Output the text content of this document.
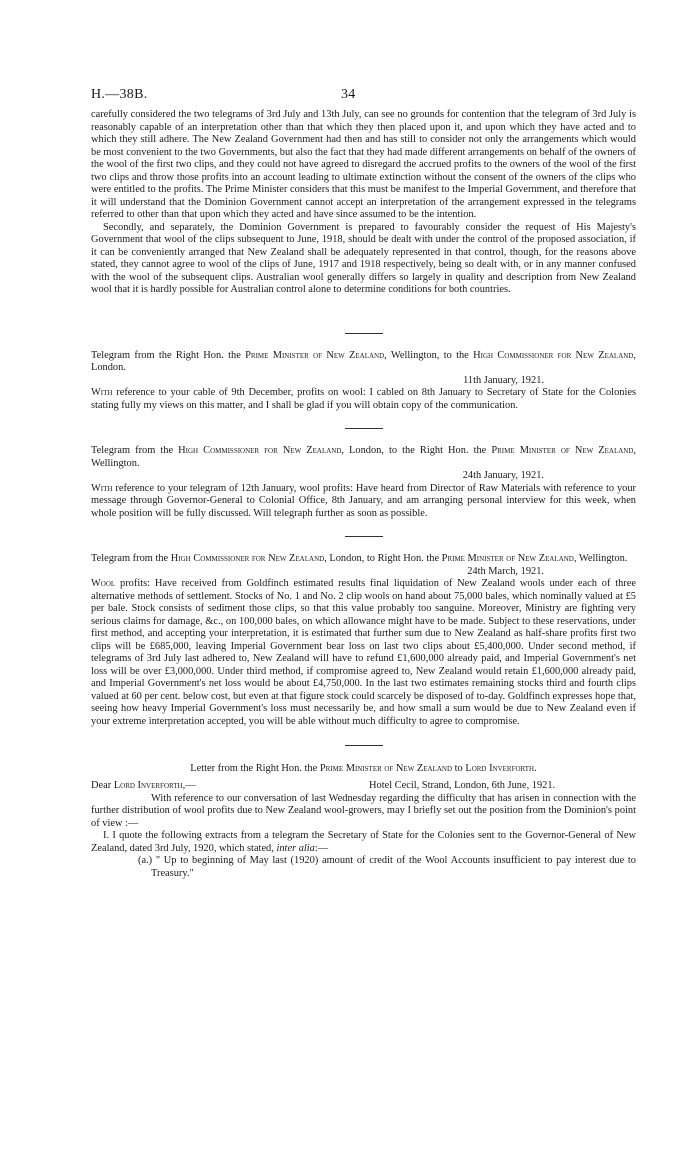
H.—38B.	34

carefully considered the two telegrams of 3rd July and 13th July, can see no grounds for contention that the telegram of 3rd July is reasonably capable of an interpretation other than that which they then placed upon it, and upon which they have acted and to which they still adhere. The New Zealand Government had then and has still to consider not only the arrangements which would be most convenient to the two Governments, but also the fact that they had made different arrangements on behalf of the owners of the wool of the first two clips, and they could not have agreed to disregard the accrued profits to the owners of the wool of the first two clips and throw those profits into an account leading to ultimate extinction without the consent of the owners of the clips who were entitled to the profits. The Prime Minister considers that this must be manifest to the Imperial Government, and therefore that it will understand that the Dominion Government cannot accept an interpretation of the arrangement expressed in the telegrams referred to other than that upon which they acted and have since assumed to be the intention.

Secondly, and separately, the Dominion Government is prepared to favourably consider the request of His Majesty's Government that wool of the clips subsequent to June, 1918, should be dealt with under the control of the proposed association, if it can be conveniently arranged that New Zealand shall be adequately represented in that control, though, for the reasons above stated, they cannot agree to wool of the clips of June, 1917 and 1918 respectively, being so dealt with, or in any manner confused with the wool of the subsequent clips. Australian wool generally differs so largely in quality and description from New Zealand wool that it is hardly possible for Australian control alone to determine conditions for both countries.

Telegram from the Right Hon. the Prime Minister of New Zealand, Wellington, to the High Commissioner for New Zealand, London.

11th January, 1921.

With reference to your cable of 9th December, profits on wool: I cabled on 8th January to Secretary of State for the Colonies stating fully my views on this matter, and I shall be glad if you will obtain copy of the communication.

Telegram from the High Commissioner for New Zealand, London, to the Right Hon. the Prime Minister of New Zealand, Wellington.

24th January, 1921.

With reference to your telegram of 12th January, wool profits: Have heard from Director of Raw Materials with reference to your message through Governor-General to Colonial Office, 8th January, and am arranging personal interview for this week, when whole position will be fully discussed. Will telegraph further as soon as possible.

Telegram from the High Commissioner for New Zealand, London, to Right Hon. the Prime Minister of New Zealand, Wellington.

24th March, 1921.

Wool profits: Have received from Goldfinch estimated results final liquidation of New Zealand wools under each of three alternative methods of settlement. Stocks of No. 1 and No. 2 clip wools on hand about 75,000 bales, which nominally valued at £5 per bale. Stock consists of sediment those clips, so that this value probably too sanguine. Moreover, Ministry are fighting very serious claims for damage, &c., on 100,000 bales, on which allowance might have to be made. Subject to these reservations, under first method, and accepting your interpretation, it is estimated that further sum due to New Zealand as half-share profits first two clips will be £685,000, leaving Imperial Government bear loss on last two clips about £5,400,000. Under second method, if telegrams of 3rd July last adhered to, New Zealand will have to refund £1,600,000 already paid, and Imperial Government's net loss will be over £3,000,000. Under third method, if compromise agreed to, New Zealand would retain £1,600,000 already paid, and Imperial Government's net loss would be about £4,750,000. In the last two estimates remaining stocks third and fourth clips valued at 60 per cent. below cost, but even at that figure stock could scarcely be disposed of to-day. Goldfinch expresses hope that, seeing how heavy Imperial Government's loss must necessarily be, and how small a sum would be due to New Zealand even if your extreme interpretation accepted, you will be able without much difficulty to agree to compromise.

Letter from the Right Hon. the Prime Minister of New Zealand to Lord Inverforth.

Dear Lord Inverforth,—	Hotel Cecil, Strand, London, 6th June, 1921.

With reference to our conversation of last Wednesday regarding the difficulty that has arisen in connection with the further distribution of wool profits due to New Zealand wool-growers, may I briefly set out the position from the Dominion's point of view :—

I. I quote the following extracts from a telegram the Secretary of State for the Colonies sent to the Governor-General of New Zealand, dated 3rd July, 1920, which stated, inter alia:—

(a.) " Up to beginning of May last (1920) amount of credit of the Wool Accounts insufficient to pay interest due to Treasury."
